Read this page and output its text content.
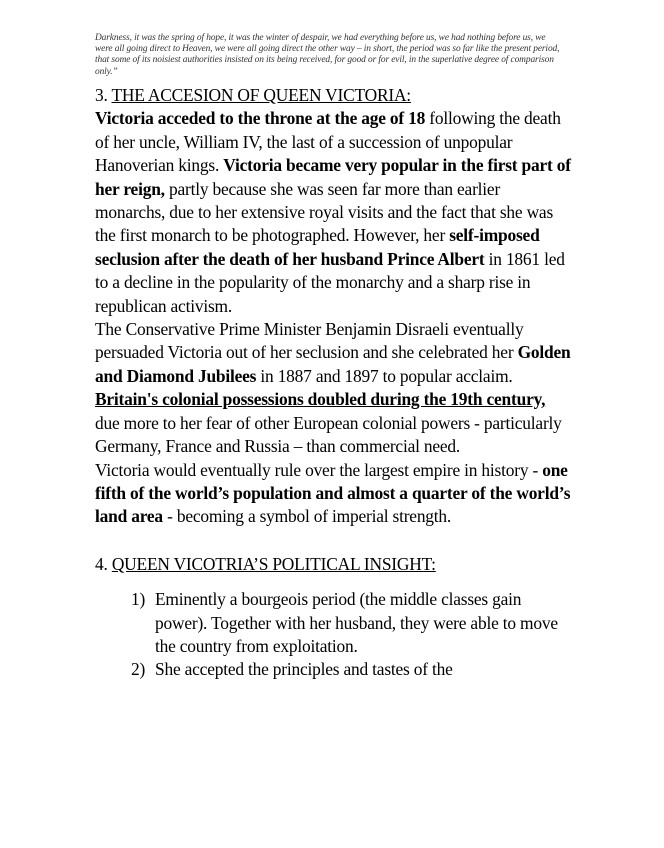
Darkness, it was the spring of hope, it was the winter of despair, we had everything before us, we had nothing before us, we were all going direct to Heaven, we were all going direct the other way – in short, the period was so far like the present period, that some of its noisiest authorities insisted on its being received, for good or for evil, in the superlative degree of comparison only.”

3. THE ACCESION OF QUEEN VICTORIA:

Victoria acceded to the throne at the age of 18 following the death of her uncle, William IV, the last of a succession of unpopular Hanoverian kings. Victoria became very popular in the first part of her reign, partly because she was seen far more than earlier monarchs, due to her extensive royal visits and the fact that she was the first monarch to be photographed. However, her self-imposed seclusion after the death of her husband Prince Albert in 1861 led to a decline in the popularity of the monarchy and a sharp rise in republican activism.

The Conservative Prime Minister Benjamin Disraeli eventually persuaded Victoria out of her seclusion and she celebrated her Golden and Diamond Jubilees in 1887 and 1897 to popular acclaim.

Britain's colonial possessions doubled during the 19th century, due more to her fear of other European colonial powers - particularly Germany, France and Russia – than commercial need.

Victoria would eventually rule over the largest empire in history - one fifth of the world’s population and almost a quarter of the world’s land area - becoming a symbol of imperial strength.

4. QUEEN VICOTRIA’S POLITICAL INSIGHT:

1) Eminently a bourgeois period (the middle classes gain power). Together with her husband, they were able to move the country from exploitation.
2) She accepted the principles and tastes of the
